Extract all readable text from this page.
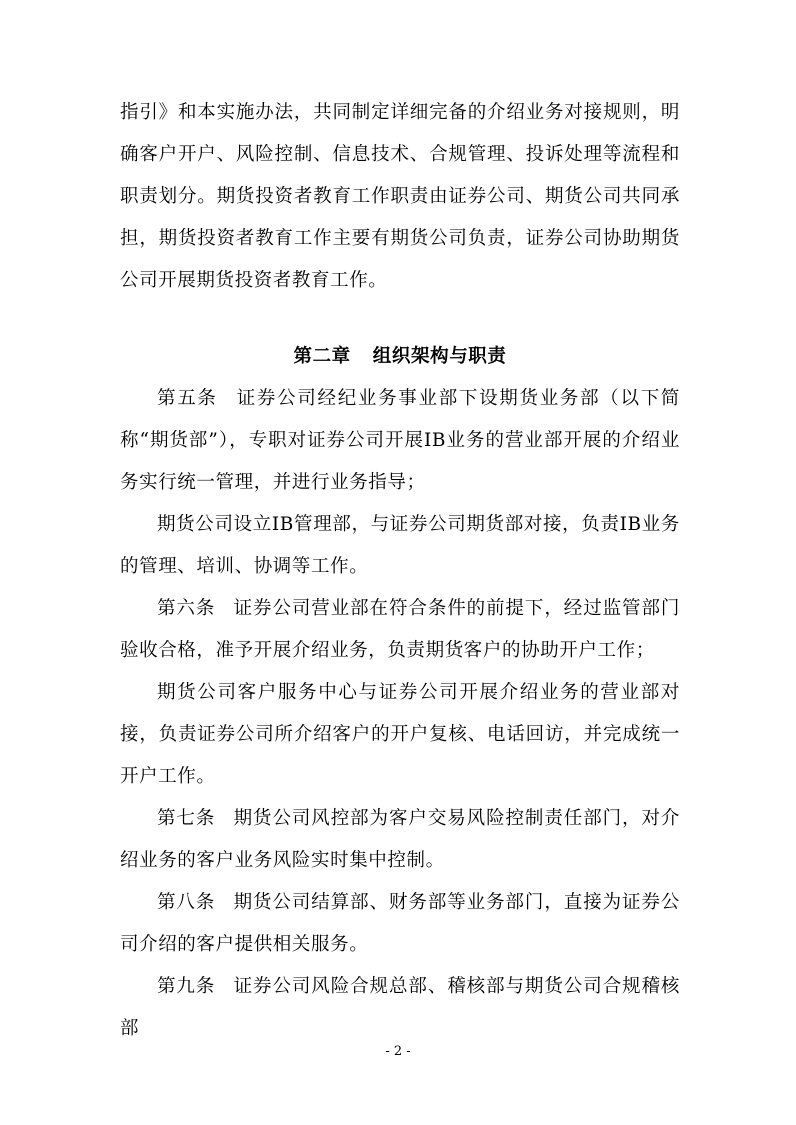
指引》和本实施办法，共同制定详细完备的介绍业务对接规则，明确客户开户、风险控制、信息技术、合规管理、投诉处理等流程和职责划分。期货投资者教育工作职责由证券公司、期货公司共同承担，期货投资者教育工作主要有期货公司负责，证券公司协助期货公司开展期货投资者教育工作。

第二章 组织架构与职责

第五条 证券公司经纪业务事业部下设期货业务部（以下简称“期货部”），专职对证券公司开展IB业务的营业部开展的介绍业务实行统一管理，并进行业务指导；

期货公司设立IB管理部，与证券公司期货部对接，负责IB业务的管理、培训、协调等工作。

第六条 证券公司营业部在符合条件的前提下，经过监管部门验收合格，准予开展介绍业务，负责期货客户的协助开户工作；

期货公司客户服务中心与证券公司开展介绍业务的营业部对接，负责证券公司所介绍客户的开户复核、电话回访，并完成统一开户工作。

第七条 期货公司风控部为客户交易风险控制责任部门，对介绍业务的客户业务风险实时集中控制。

第八条 期货公司结算部、财务部等业务部门，直接为证券公司介绍的客户提供相关服务。

第九条 证券公司风险合规总部、稽核部与期货公司合规稽核部

- 2 -
